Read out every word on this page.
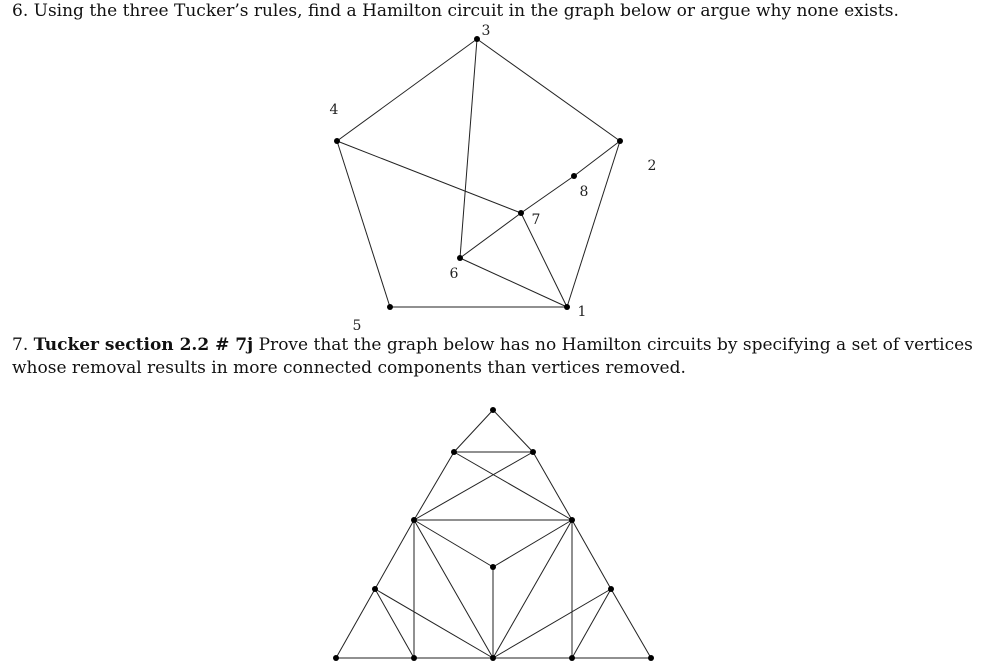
6. Using the three Tucker’s rules, find a Hamilton circuit in the graph below or argue why none exists.

3
4
2
8
7
6
5
1

7. Tucker section 2.2 # 7j Prove that the graph below has no Hamilton circuits by specifying a set of vertices whose removal results in more connected components than vertices removed.
